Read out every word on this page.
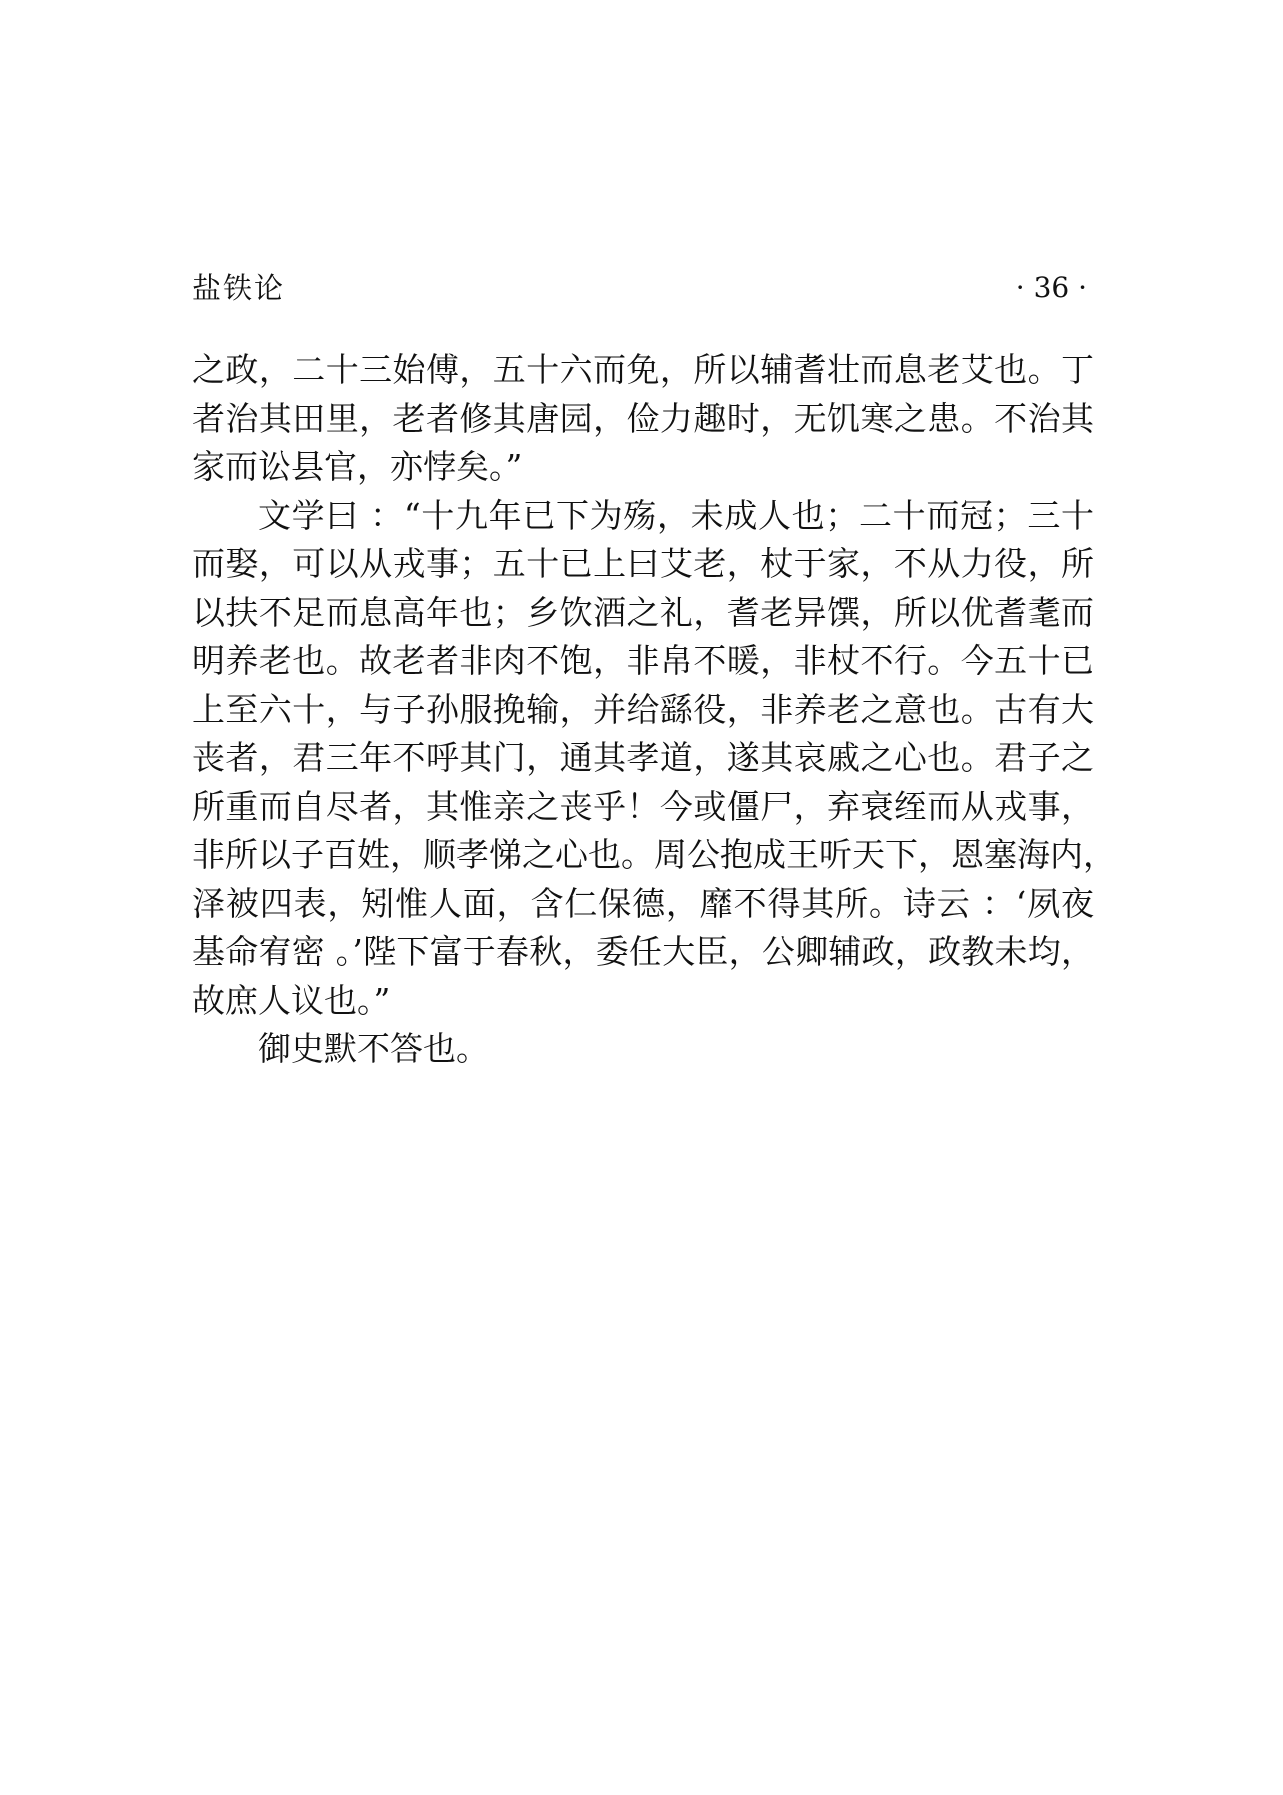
盐铁论	· 36 ·
之政，二十三始傅，五十六而免，所以辅耆壮而息老艾也。丁
者治其田里，老者修其唐园，俭力趣时，无饥寒之患。不治其
家而讼县官，亦悖矣。”
文学曰 ：“十九年已下为殇，未成人也；二十而冠；三十
而娶，可以从戎事；五十已上曰艾老，杖于家，不从力役，所
以扶不足而息高年也；乡饮酒之礼，耆老异馔，所以优耆耄而
明养老也。故老者非肉不饱，非帛不暖，非杖不行。今五十已
上至六十，与子孙服挽输，并给繇役，非养老之意也。古有大
丧者，君三年不呼其门，通其孝道，遂其哀戚之心也。君子之
所重而自尽者，其惟亲之丧乎！今或僵尸，弃衰绖而从戎事，
非所以子百姓，顺孝悌之心也。周公抱成王听天下，恩塞海内，
泽被四表，矧惟人面，含仁保德，靡不得其所。诗云 ：‘夙夜
基命宥密 。’陛下富于春秋，委任大臣，公卿辅政，政教未均，
故庶人议也。”
御史默不答也。
